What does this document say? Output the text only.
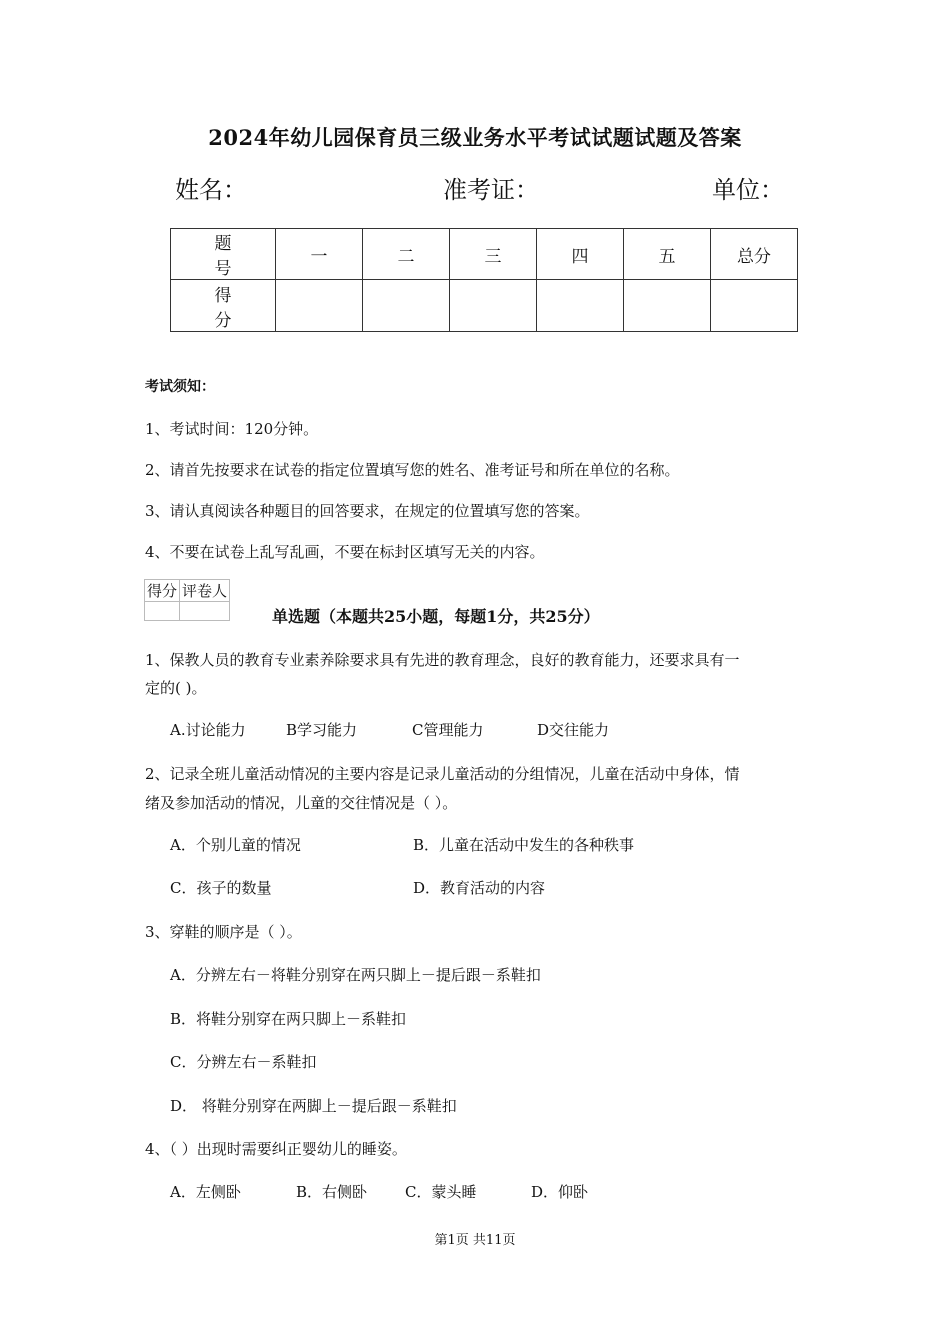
2024年幼儿园保育员三级业务水平考试试题试题及答案
姓名：	准考证：	单位：
题 号	一	二	三	四	五	总分
得 分						
考试须知：
1、考试时间：120分钟。
2、请首先按要求在试卷的指定位置填写您的姓名、准考证号和所在单位的名称。
3、请认真阅读各种题目的回答要求，在规定的位置填写您的答案。
4、不要在试卷上乱写乱画，不要在标封区填写无关的内容。
得分	评卷人

单选题（本题共25小题，每题1分，共25分）
1、保教人员的教育专业素养除要求具有先进的教育理念，良好的教育能力，还要求具有一
定的( )。
A.讨论能力	B学习能力	C管理能力	D交往能力
2、记录全班儿童活动情况的主要内容是记录儿童活动的分组情况，儿童在活动中身体，情
绪及参加活动的情况，儿童的交往情况是（ ）。
A．个别儿童的情况	B．儿童在活动中发生的各种秩事
C．孩子的数量	D．教育活动的内容
3、穿鞋的顺序是（ ）。
A．分辨左右－将鞋分别穿在两只脚上－提后跟－系鞋扣
B．将鞋分别穿在两只脚上－系鞋扣
C．分辨左右－系鞋扣
D． 将鞋分别穿在两脚上－提后跟－系鞋扣
4、（ ）出现时需要纠正婴幼儿的睡姿。
A．左侧卧	B．右侧卧	C．蒙头睡	D．仰卧
第1页 共11页
